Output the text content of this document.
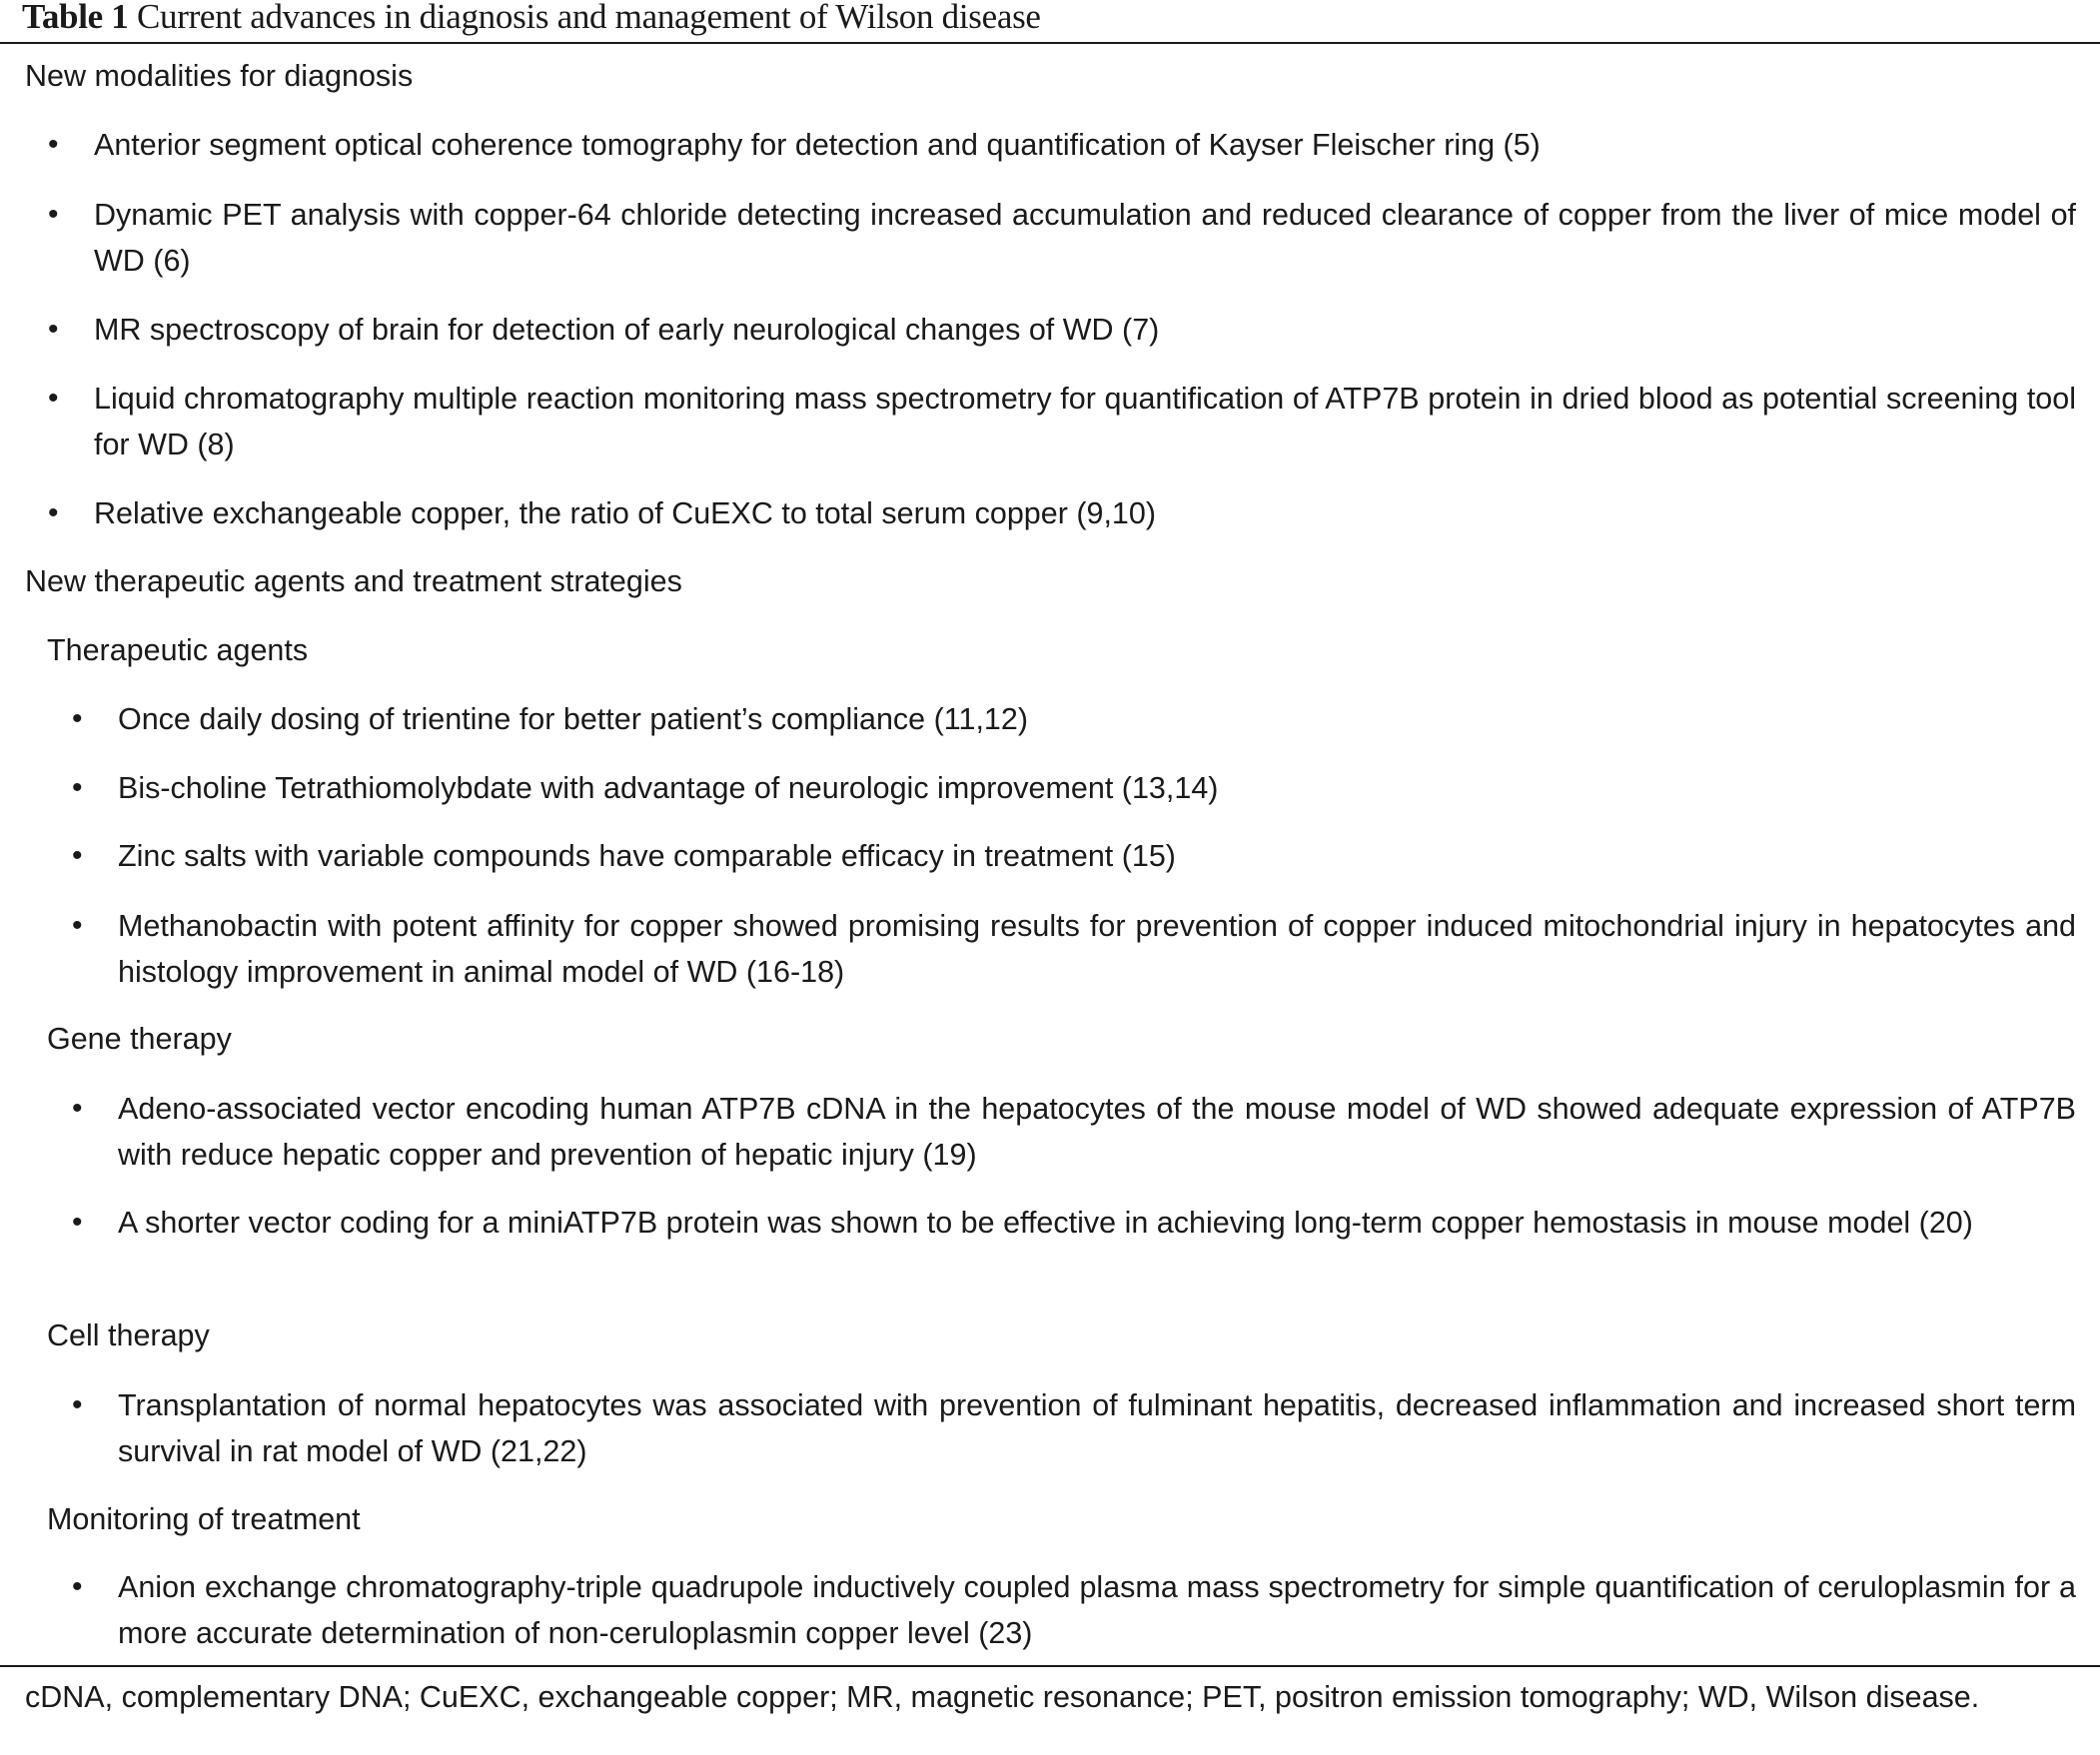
Table 1 Current advances in diagnosis and management of Wilson disease
New modalities for diagnosis
• Anterior segment optical coherence tomography for detection and quantification of Kayser Fleischer ring (5)
• Dynamic PET analysis with copper-64 chloride detecting increased accumulation and reduced clearance of copper from the liver of mice model of WD (6)
• MR spectroscopy of brain for detection of early neurological changes of WD (7)
• Liquid chromatography multiple reaction monitoring mass spectrometry for quantification of ATP7B protein in dried blood as potential screening tool for WD (8)
• Relative exchangeable copper, the ratio of CuEXC to total serum copper (9,10)
New therapeutic agents and treatment strategies
Therapeutic agents
• Once daily dosing of trientine for better patient’s compliance (11,12)
• Bis-choline Tetrathiomolybdate with advantage of neurologic improvement (13,14)
• Zinc salts with variable compounds have comparable efficacy in treatment (15)
• Methanobactin with potent affinity for copper showed promising results for prevention of copper induced mitochondrial injury in hepatocytes and histology improvement in animal model of WD (16-18)
Gene therapy
• Adeno-associated vector encoding human ATP7B cDNA in the hepatocytes of the mouse model of WD showed adequate expression of ATP7B with reduce hepatic copper and prevention of hepatic injury (19)
• A shorter vector coding for a miniATP7B protein was shown to be effective in achieving long-term copper hemostasis in mouse model (20)
Cell therapy
• Transplantation of normal hepatocytes was associated with prevention of fulminant hepatitis, decreased inflammation and increased short term survival in rat model of WD (21,22)
Monitoring of treatment
• Anion exchange chromatography-triple quadrupole inductively coupled plasma mass spectrometry for simple quantification of ceruloplasmin for a more accurate determination of non-ceruloplasmin copper level (23)
cDNA, complementary DNA; CuEXC, exchangeable copper; MR, magnetic resonance; PET, positron emission tomography; WD, Wilson disease.
